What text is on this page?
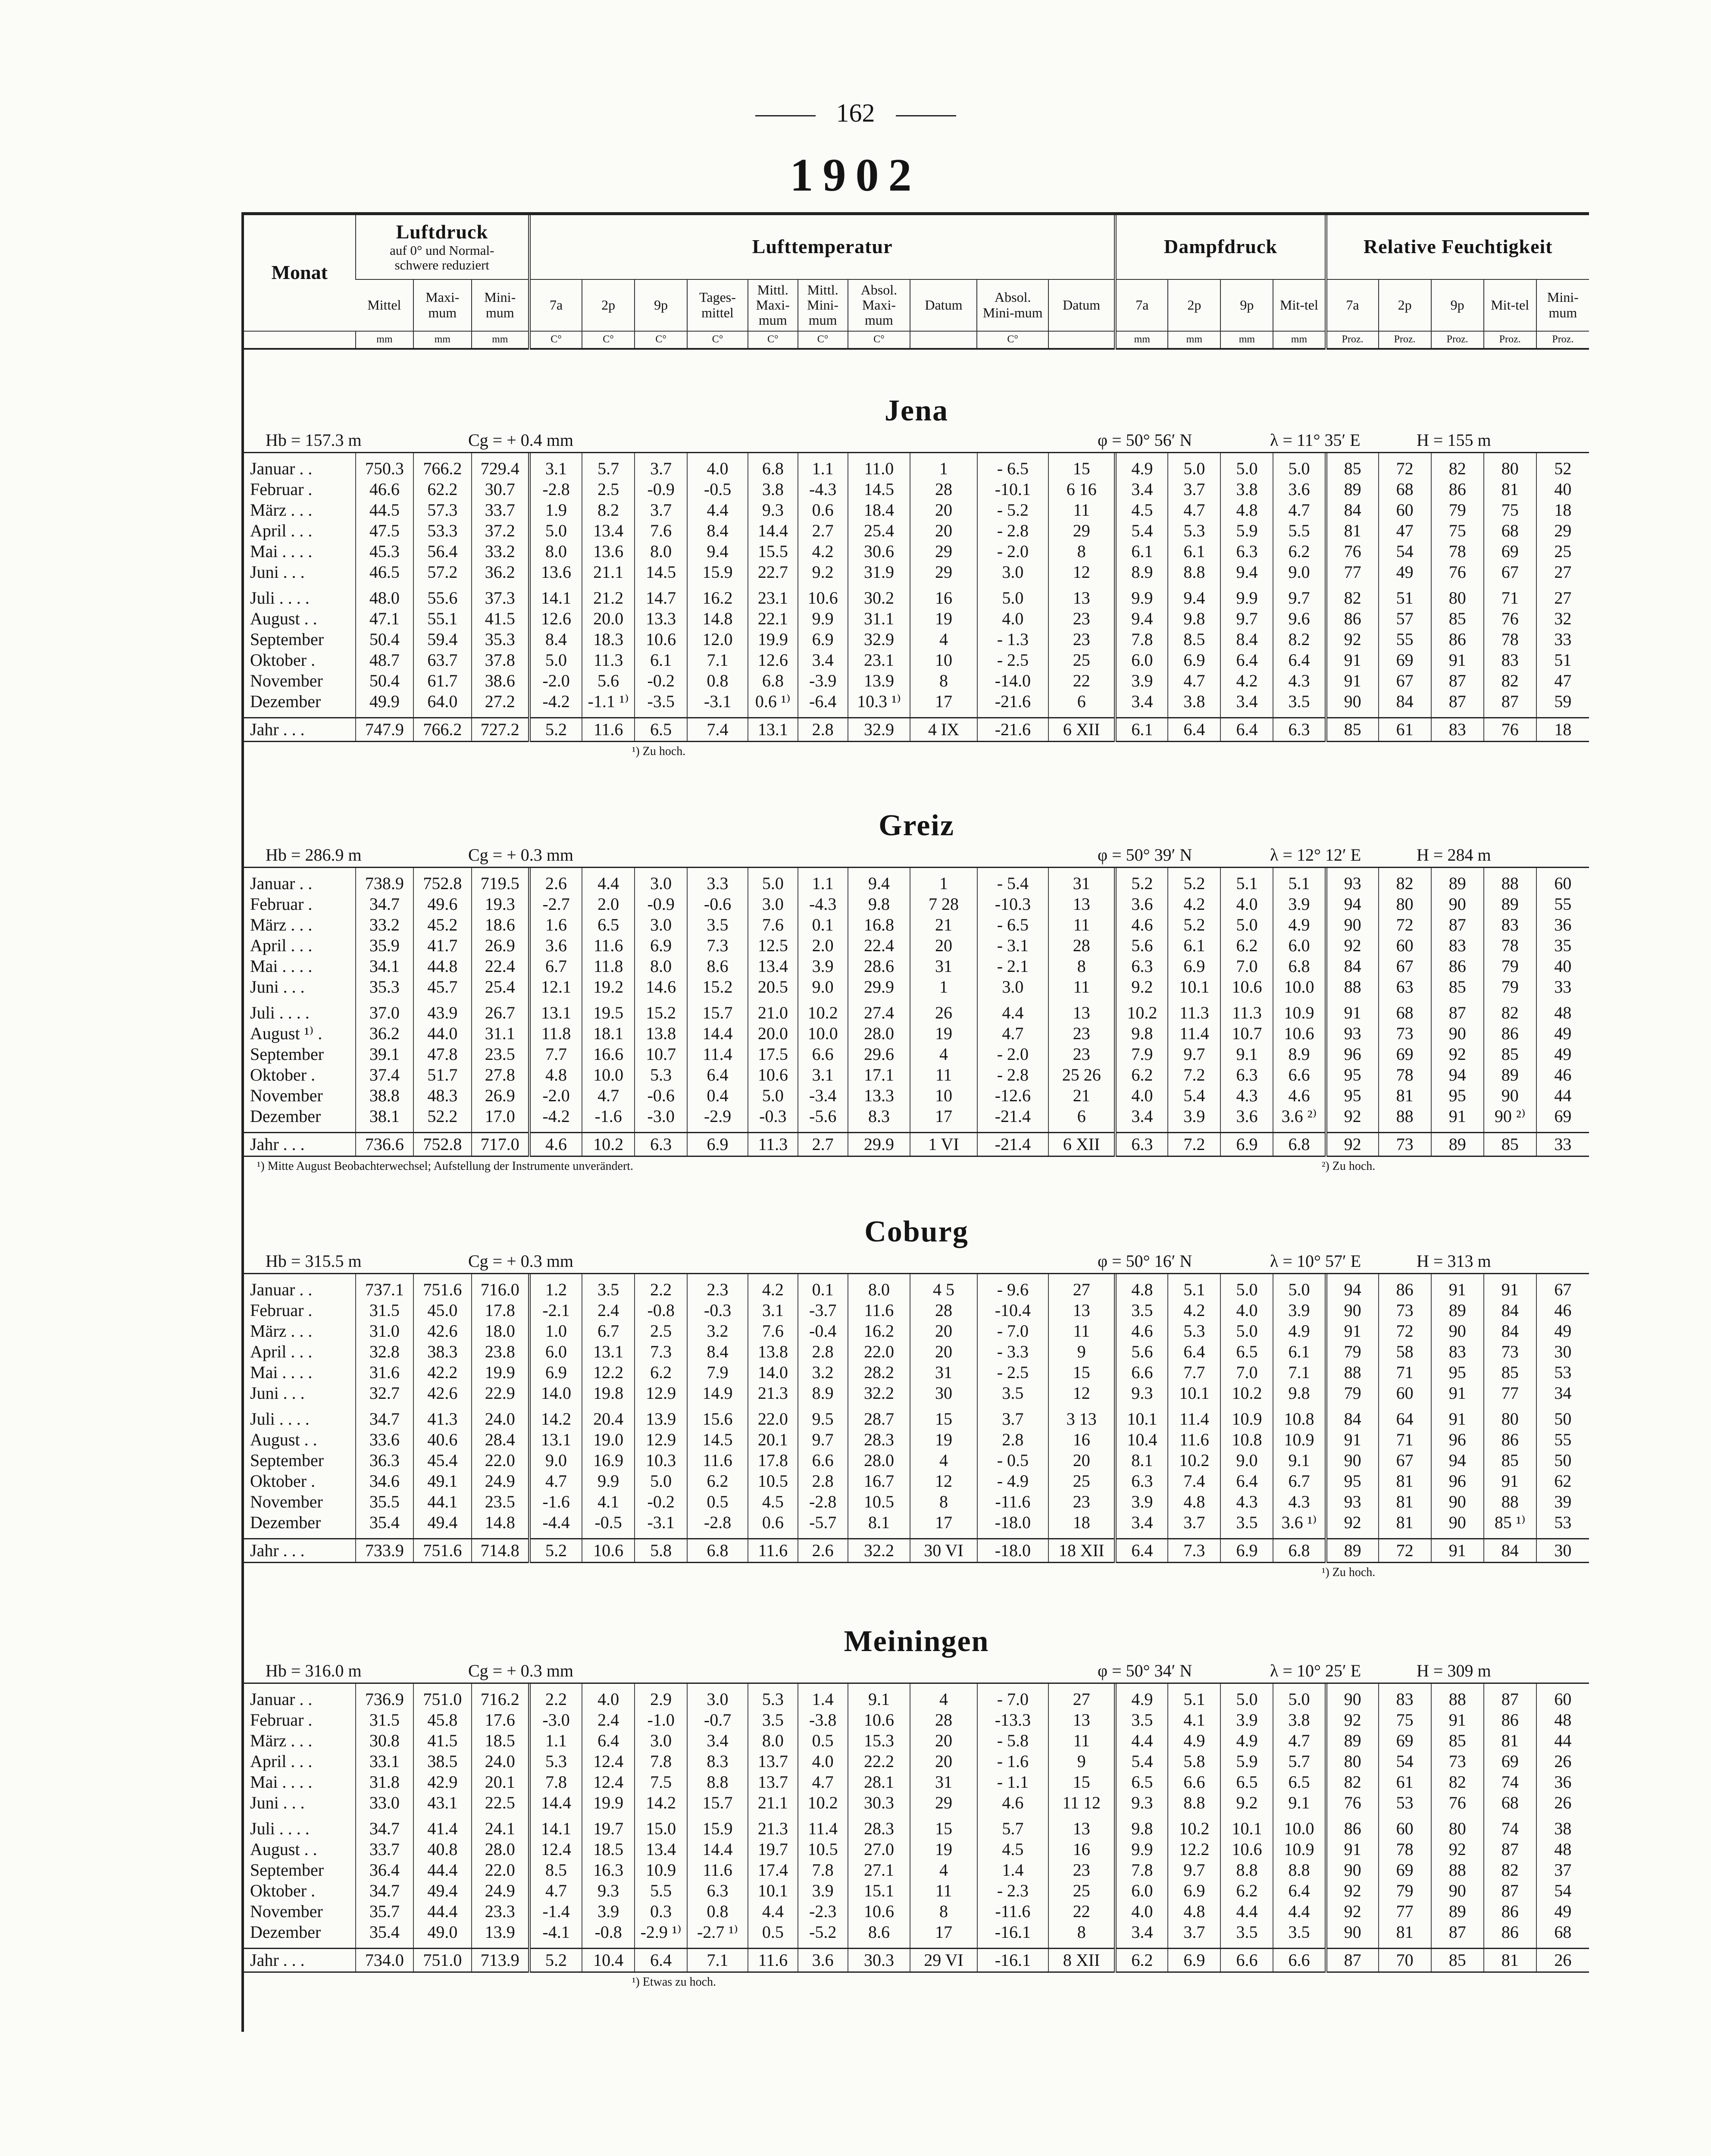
162
1902
Monat	Luftdruck
auf 0° und Normal-
schwere reduziert			Lufttemperatur										Dampfdruck				Relative Feuchtigkeit				
	Mittel	Maxi-mum	Mini-mum	7a	2p	9p	Tages-mittel	Mittl. Maxi-mum	Mittl. Mini-mum	Absol. Maxi-mum	Datum	Absol. Mini-mum	Datum	7a	2p	9p	Mit-tel	7a	2p	9p	Mit-tel	Mini-mum
	mm	mm	mm	C°	C°	C°	C°	C°	C°	C°		C°		mm	mm	mm	mm	Proz.	Proz.	Proz.	Proz.	Proz.
Jena
Hb = 157.3 m	Cg = + 0.4 mm	φ = 50° 56′ N	λ = 11° 35′ E	H = 155 m

Januar . .	750.3	766.2	729.4	3.1	5.7	3.7	4.0	6.8	1.1	11.0	1	- 6.5	15	4.9	5.0	5.0	5.0	85	72	82	80	52
Februar .	46.6	62.2	30.7	-2.8	2.5	-0.9	-0.5	3.8	-4.3	14.5	28	-10.1	6 16	3.4	3.7	3.8	3.6	89	68	86	81	40
März . . .	44.5	57.3	33.7	1.9	8.2	3.7	4.4	9.3	0.6	18.4	20	- 5.2	11	4.5	4.7	4.8	4.7	84	60	79	75	18
April . . .	47.5	53.3	37.2	5.0	13.4	7.6	8.4	14.4	2.7	25.4	20	- 2.8	29	5.4	5.3	5.9	5.5	81	47	75	68	29
Mai . . . .	45.3	56.4	33.2	8.0	13.6	8.0	9.4	15.5	4.2	30.6	29	- 2.0	8	6.1	6.1	6.3	6.2	76	54	78	69	25
Juni . . .	46.5	57.2	36.2	13.6	21.1	14.5	15.9	22.7	9.2	31.9	29	3.0	12	8.9	8.8	9.4	9.0	77	49	76	67	27

Juli . . . .	48.0	55.6	37.3	14.1	21.2	14.7	16.2	23.1	10.6	30.2	16	5.0	13	9.9	9.4	9.9	9.7	82	51	80	71	27
August . .	47.1	55.1	41.5	12.6	20.0	13.3	14.8	22.1	9.9	31.1	19	4.0	23	9.4	9.8	9.7	9.6	86	57	85	76	32
September	50.4	59.4	35.3	8.4	18.3	10.6	12.0	19.9	6.9	32.9	4	- 1.3	23	7.8	8.5	8.4	8.2	92	55	86	78	33
Oktober .	48.7	63.7	37.8	5.0	11.3	6.1	7.1	12.6	3.4	23.1	10	- 2.5	25	6.0	6.9	6.4	6.4	91	69	91	83	51
November	50.4	61.7	38.6	-2.0	5.6	-0.2	0.8	6.8	-3.9	13.9	8	-14.0	22	3.9	4.7	4.2	4.3	91	67	87	82	47
Dezember	49.9	64.0	27.2	-4.2	-1.1 ¹⁾	-3.5	-3.1	0.6 ¹⁾	-6.4	10.3 ¹⁾	17	-21.6	6	3.4	3.8	3.4	3.5	90	84	87	87	59

Jahr . . .	747.9	766.2	727.2	5.2	11.6	6.5	7.4	13.1	2.8	32.9	4 IX	-21.6	6 XII	6.1	6.4	6.4	6.3	85	61	83	76	18
¹) Zu hoch.
Greiz
Hb = 286.9 m	Cg = + 0.3 mm	φ = 50° 39′ N	λ = 12° 12′ E	H = 284 m

Januar . .	738.9	752.8	719.5	2.6	4.4	3.0	3.3	5.0	1.1	9.4	1	- 5.4	31	5.2	5.2	5.1	5.1	93	82	89	88	60
Februar .	34.7	49.6	19.3	-2.7	2.0	-0.9	-0.6	3.0	-4.3	9.8	7 28	-10.3	13	3.6	4.2	4.0	3.9	94	80	90	89	55
März . . .	33.2	45.2	18.6	1.6	6.5	3.0	3.5	7.6	0.1	16.8	21	- 6.5	11	4.6	5.2	5.0	4.9	90	72	87	83	36
April . . .	35.9	41.7	26.9	3.6	11.6	6.9	7.3	12.5	2.0	22.4	20	- 3.1	28	5.6	6.1	6.2	6.0	92	60	83	78	35
Mai . . . .	34.1	44.8	22.4	6.7	11.8	8.0	8.6	13.4	3.9	28.6	31	- 2.1	8	6.3	6.9	7.0	6.8	84	67	86	79	40
Juni . . .	35.3	45.7	25.4	12.1	19.2	14.6	15.2	20.5	9.0	29.9	1	3.0	11	9.2	10.1	10.6	10.0	88	63	85	79	33

Juli . . . .	37.0	43.9	26.7	13.1	19.5	15.2	15.7	21.0	10.2	27.4	26	4.4	13	10.2	11.3	11.3	10.9	91	68	87	82	48
August ¹⁾ .	36.2	44.0	31.1	11.8	18.1	13.8	14.4	20.0	10.0	28.0	19	4.7	23	9.8	11.4	10.7	10.6	93	73	90	86	49
September	39.1	47.8	23.5	7.7	16.6	10.7	11.4	17.5	6.6	29.6	4	- 2.0	23	7.9	9.7	9.1	8.9	96	69	92	85	49
Oktober .	37.4	51.7	27.8	4.8	10.0	5.3	6.4	10.6	3.1	17.1	11	- 2.8	25 26	6.2	7.2	6.3	6.6	95	78	94	89	46
November	38.8	48.3	26.9	-2.0	4.7	-0.6	0.4	5.0	-3.4	13.3	10	-12.6	21	4.0	5.4	4.3	4.6	95	81	95	90	44
Dezember	38.1	52.2	17.0	-4.2	-1.6	-3.0	-2.9	-0.3	-5.6	8.3	17	-21.4	6	3.4	3.9	3.6	3.6 ²⁾	92	88	91	90 ²⁾	69

Jahr . . .	736.6	752.8	717.0	4.6	10.2	6.3	6.9	11.3	2.7	29.9	1 VI	-21.4	6 XII	6.3	7.2	6.9	6.8	92	73	89	85	33
¹) Mitte August Beobachterwechsel; Aufstellung der Instrumente unverändert.	²) Zu hoch.
Coburg
Hb = 315.5 m	Cg = + 0.3 mm	φ = 50° 16′ N	λ = 10° 57′ E	H = 313 m

Januar . .	737.1	751.6	716.0	1.2	3.5	2.2	2.3	4.2	0.1	8.0	4 5	- 9.6	27	4.8	5.1	5.0	5.0	94	86	91	91	67
Februar .	31.5	45.0	17.8	-2.1	2.4	-0.8	-0.3	3.1	-3.7	11.6	28	-10.4	13	3.5	4.2	4.0	3.9	90	73	89	84	46
März . . .	31.0	42.6	18.0	1.0	6.7	2.5	3.2	7.6	-0.4	16.2	20	- 7.0	11	4.6	5.3	5.0	4.9	91	72	90	84	49
April . . .	32.8	38.3	23.8	6.0	13.1	7.3	8.4	13.8	2.8	22.0	20	- 3.3	9	5.6	6.4	6.5	6.1	79	58	83	73	30
Mai . . . .	31.6	42.2	19.9	6.9	12.2	6.2	7.9	14.0	3.2	28.2	31	- 2.5	15	6.6	7.7	7.0	7.1	88	71	95	85	53
Juni . . .	32.7	42.6	22.9	14.0	19.8	12.9	14.9	21.3	8.9	32.2	30	3.5	12	9.3	10.1	10.2	9.8	79	60	91	77	34

Juli . . . .	34.7	41.3	24.0	14.2	20.4	13.9	15.6	22.0	9.5	28.7	15	3.7	3 13	10.1	11.4	10.9	10.8	84	64	91	80	50
August . .	33.6	40.6	28.4	13.1	19.0	12.9	14.5	20.1	9.7	28.3	19	2.8	16	10.4	11.6	10.8	10.9	91	71	96	86	55
September	36.3	45.4	22.0	9.0	16.9	10.3	11.6	17.8	6.6	28.0	4	- 0.5	20	8.1	10.2	9.0	9.1	90	67	94	85	50
Oktober .	34.6	49.1	24.9	4.7	9.9	5.0	6.2	10.5	2.8	16.7	12	- 4.9	25	6.3	7.4	6.4	6.7	95	81	96	91	62
November	35.5	44.1	23.5	-1.6	4.1	-0.2	0.5	4.5	-2.8	10.5	8	-11.6	23	3.9	4.8	4.3	4.3	93	81	90	88	39
Dezember	35.4	49.4	14.8	-4.4	-0.5	-3.1	-2.8	0.6	-5.7	8.1	17	-18.0	18	3.4	3.7	3.5	3.6 ¹⁾	92	81	90	85 ¹⁾	53

Jahr . . .	733.9	751.6	714.8	5.2	10.6	5.8	6.8	11.6	2.6	32.2	30 VI	-18.0	18 XII	6.4	7.3	6.9	6.8	89	72	91	84	30
¹) Zu hoch.
Meiningen
Hb = 316.0 m	Cg = + 0.3 mm	φ = 50° 34′ N	λ = 10° 25′ E	H = 309 m

Januar . .	736.9	751.0	716.2	2.2	4.0	2.9	3.0	5.3	1.4	9.1	4	- 7.0	27	4.9	5.1	5.0	5.0	90	83	88	87	60
Februar .	31.5	45.8	17.6	-3.0	2.4	-1.0	-0.7	3.5	-3.8	10.6	28	-13.3	13	3.5	4.1	3.9	3.8	92	75	91	86	48
März . . .	30.8	41.5	18.5	1.1	6.4	3.0	3.4	8.0	0.5	15.3	20	- 5.8	11	4.4	4.9	4.9	4.7	89	69	85	81	44
April . . .	33.1	38.5	24.0	5.3	12.4	7.8	8.3	13.7	4.0	22.2	20	- 1.6	9	5.4	5.8	5.9	5.7	80	54	73	69	26
Mai . . . .	31.8	42.9	20.1	7.8	12.4	7.5	8.8	13.7	4.7	28.1	31	- 1.1	15	6.5	6.6	6.5	6.5	82	61	82	74	36
Juni . . .	33.0	43.1	22.5	14.4	19.9	14.2	15.7	21.1	10.2	30.3	29	4.6	11 12	9.3	8.8	9.2	9.1	76	53	76	68	26

Juli . . . .	34.7	41.4	24.1	14.1	19.7	15.0	15.9	21.3	11.4	28.3	15	5.7	13	9.8	10.2	10.1	10.0	86	60	80	74	38
August . .	33.7	40.8	28.0	12.4	18.5	13.4	14.4	19.7	10.5	27.0	19	4.5	16	9.9	12.2	10.6	10.9	91	78	92	87	48
September	36.4	44.4	22.0	8.5	16.3	10.9	11.6	17.4	7.8	27.1	4	1.4	23	7.8	9.7	8.8	8.8	90	69	88	82	37
Oktober .	34.7	49.4	24.9	4.7	9.3	5.5	6.3	10.1	3.9	15.1	11	- 2.3	25	6.0	6.9	6.2	6.4	92	79	90	87	54
November	35.7	44.4	23.3	-1.4	3.9	0.3	0.8	4.4	-2.3	10.6	8	-11.6	22	4.0	4.8	4.4	4.4	92	77	89	86	49
Dezember	35.4	49.0	13.9	-4.1	-0.8	-2.9 ¹⁾	-2.7 ¹⁾	0.5	-5.2	8.6	17	-16.1	8	3.4	3.7	3.5	3.5	90	81	87	86	68

Jahr . . .	734.0	751.0	713.9	5.2	10.4	6.4	7.1	11.6	3.6	30.3	29 VI	-16.1	8 XII	6.2	6.9	6.6	6.6	87	70	85	81	26
¹) Etwas zu hoch.
